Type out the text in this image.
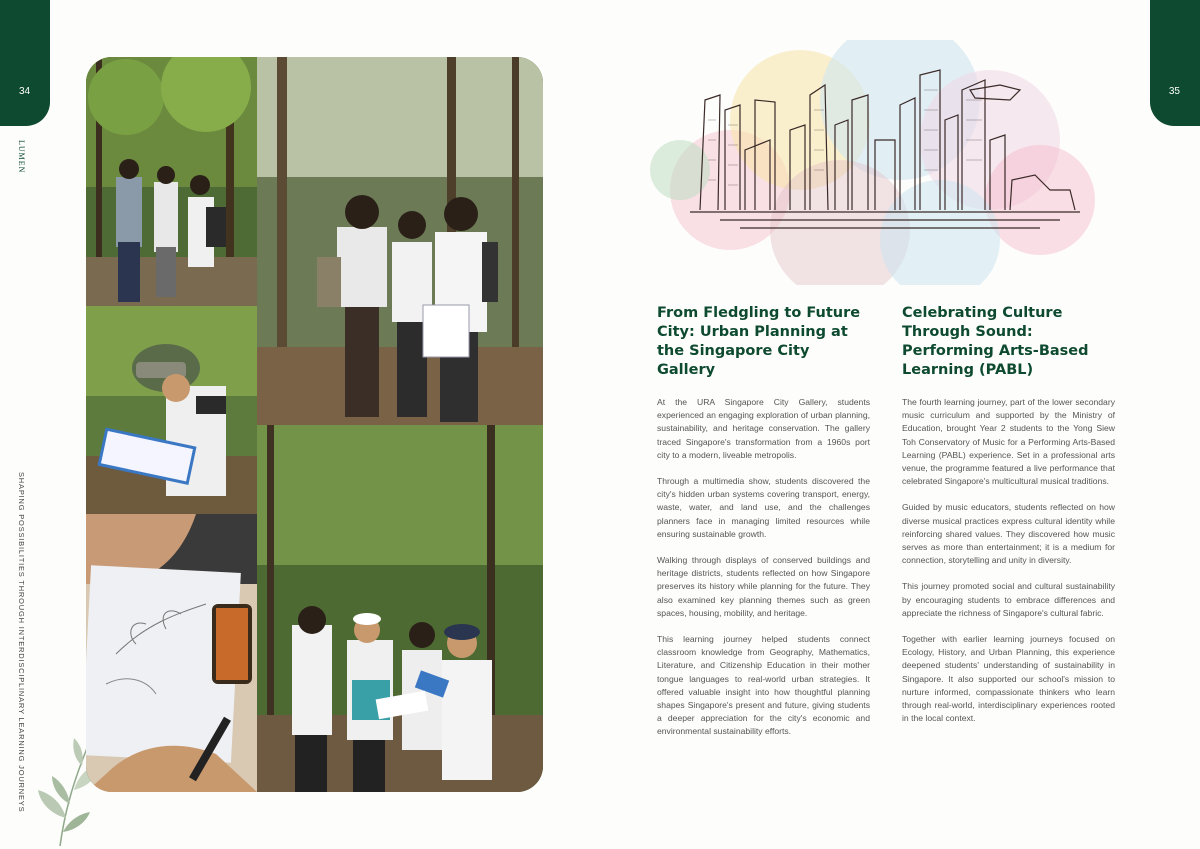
34
LUMEN
SHAPING POSSIBILITIES THROUGH INTERDISCIPLINARY LEARNING JOURNEYS
35
From Fledgling to Future City: Urban Planning at the Singapore City Gallery

At the URA Singapore City Gallery, students experienced an engaging exploration of urban planning, sustainability, and heritage conservation. The gallery traced Singapore's transformation from a 1960s port city to a modern, liveable metropolis.

Through a multimedia show, students discovered the city's hidden urban systems covering transport, energy, waste, water, and land use, and the challenges planners face in managing limited resources while ensuring sustainable growth.

Walking through displays of conserved buildings and heritage districts, students reflected on how Singapore preserves its history while planning for the future. They also examined key planning themes such as green spaces, housing, mobility, and heritage.

This learning journey helped students connect classroom knowledge from Geography, Mathematics, Literature, and Citizenship Education in their mother tongue languages to real-world urban strategies. It offered valuable insight into how thoughtful planning shapes Singapore's present and future, giving students a deeper appreciation for the city's economic and environmental sustainability efforts.

Celebrating Culture Through Sound: Performing Arts-Based Learning (PABL)

The fourth learning journey, part of the lower secondary music curriculum and supported by the Ministry of Education, brought Year 2 students to the Yong Siew Toh Conservatory of Music for a Performing Arts-Based Learning (PABL) experience. Set in a professional arts venue, the programme featured a live performance that celebrated Singapore's multicultural musical traditions.

Guided by music educators, students reflected on how diverse musical practices express cultural identity while reinforcing shared values. They discovered how music serves as more than entertainment; it is a medium for connection, storytelling and unity in diversity.

This journey promoted social and cultural sustainability by encouraging students to embrace differences and appreciate the richness of Singapore's cultural fabric.

Together with earlier learning journeys focused on Ecology, History, and Urban Planning, this experience deepened students' understanding of sustainability in Singapore. It also supported our school's mission to nurture informed, compassionate thinkers who learn through real-world, interdisciplinary experiences rooted in the local context.
